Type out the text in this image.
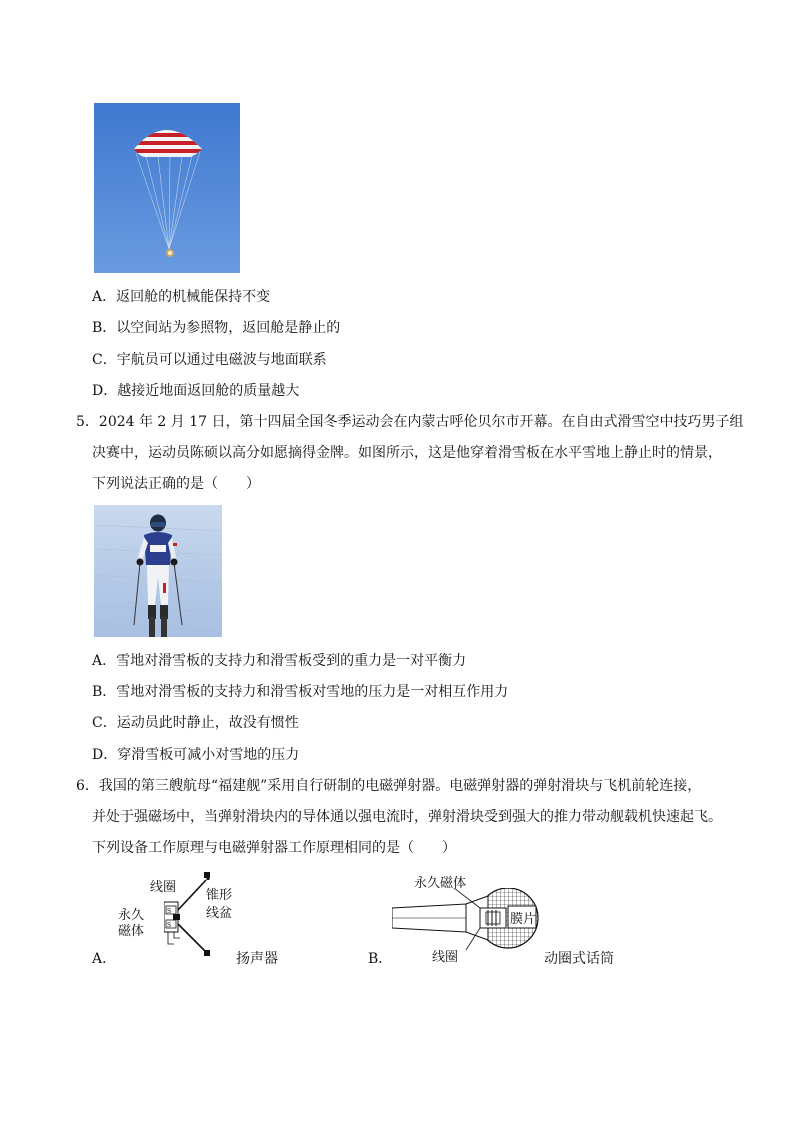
A．返回舱的机械能保持不变
B．以空间站为参照物，返回舱是静止的
C．宇航员可以通过电磁波与地面联系
D．越接近地面返回舱的质量越大
5．2024 年 2 月 17 日，第十四届全国冬季运动会在内蒙古呼伦贝尔市开幕。在自由式滑雪空中技巧男子组
决赛中，运动员陈硕以高分如愿摘得金牌。如图所示，这是他穿着滑雪板在水平雪地上静止时的情景，
下列说法正确的是（　　）
A．雪地对滑雪板的支持力和滑雪板受到的重力是一对平衡力
B．雪地对滑雪板的支持力和滑雪板对雪地的压力是一对相互作用力
C．运动员此时静止，故没有惯性
D．穿滑雪板可减小对雪地的压力
6．我国的第三艘航母“福建舰”采用自行研制的电磁弹射器。电磁弹射器的弹射滑块与飞机前轮连接，
并处于强磁场中，当弹射滑块内的导体通以强电流时，弹射滑块受到强大的推力带动舰载机快速起飞。
下列设备工作原理与电磁弹射器工作原理相同的是（　　）
S
S
线圈
锥形
线盆
永久
磁体
A．	扬声器
永久磁体
膜片
线圈
B．	动圈式话筒
